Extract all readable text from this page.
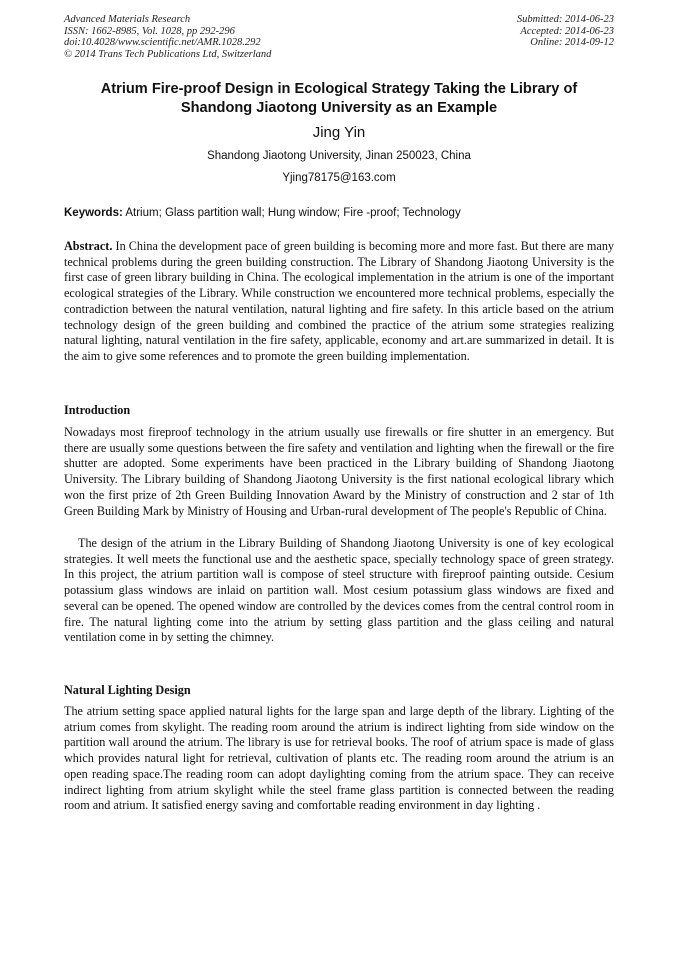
Advanced Materials Research
ISSN: 1662-8985, Vol. 1028, pp 292-296
doi:10.4028/www.scientific.net/AMR.1028.292
© 2014 Trans Tech Publications Ltd, Switzerland
Submitted: 2014-06-23
Accepted: 2014-06-23
Online: 2014-09-12
Atrium Fire-proof Design in Ecological Strategy Taking the Library of Shandong Jiaotong University as an Example
Jing Yin
Shandong Jiaotong University, Jinan 250023, China
Yjing78175@163.com
Keywords: Atrium; Glass partition wall; Hung window; Fire -proof; Technology
Abstract. In China the development pace of green building is becoming more and more fast. But there are many technical problems during the green building construction. The Library of Shandong Jiaotong University is the first case of green library building in China. The ecological implementation in the atrium is one of the important ecological strategies of the Library. While construction we encountered more technical problems, especially the contradiction between the natural ventilation, natural lighting and fire safety. In this article based on the atrium technology design of the green building and combined the practice of the atrium some strategies realizing natural lighting, natural ventilation in the fire safety, applicable, economy and art.are summarized in detail. It is the aim to give some references and to promote the green building implementation.
Introduction
Nowadays most fireproof technology in the atrium usually use firewalls or fire shutter in an emergency. But there are usually some questions between the fire safety and ventilation and lighting when the firewall or the fire shutter are adopted. Some experiments have been practiced in the Library building of Shandong Jiaotong University. The Library building of Shandong Jiaotong University is the first national ecological library which won the first prize of 2th Green Building Innovation Award by the Ministry of construction and 2 star of 1th Green Building Mark by Ministry of Housing and Urban-rural development of The people's Republic of China.
The design of the atrium in the Library Building of Shandong Jiaotong University is one of key ecological strategies. It well meets the functional use and the aesthetic space, specially technology space of green strategy. In this project, the atrium partition wall is compose of steel structure with fireproof painting outside. Cesium potassium glass windows are inlaid on partition wall. Most cesium potassium glass windows are fixed and several can be opened. The opened window are controlled by the devices comes from the central control room in fire. The natural lighting come into the atrium by setting glass partition and the glass ceiling and natural ventilation come in by setting the chimney.
Natural Lighting Design
The atrium setting space applied natural lights for the large span and large depth of the library. Lighting of the atrium comes from skylight. The reading room around the atrium is indirect lighting from side window on the partition wall around the atrium. The library is use for retrieval books. The roof of atrium space is made of glass which provides natural light for retrieval, cultivation of plants etc. The reading room around the atrium is an open reading space.The reading room can adopt daylighting coming from the atrium space. They can receive indirect lighting from atrium skylight while the steel frame glass partition is connected between the reading room and atrium. It satisfied energy saving and comfortable reading environment in day lighting .
